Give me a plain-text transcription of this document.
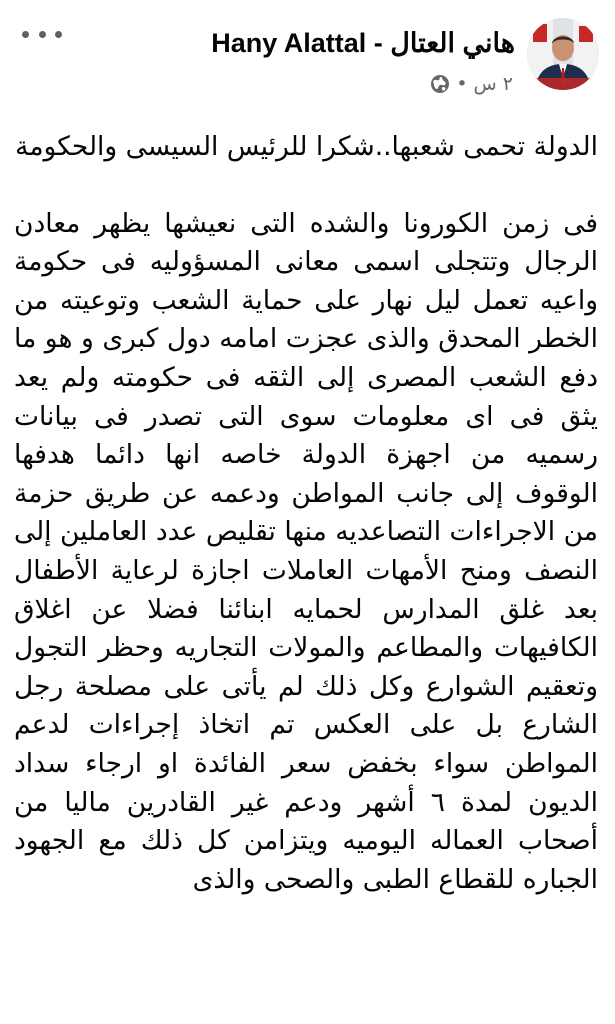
Hany Alattal - هاني العتال
٢ س
•

الدولة تحمى شعبها..شكرا للرئيس السيسى والحكومة

فى زمن الكورونا والشده التى نعيشها يظهر معادن الرجال وتتجلى اسمى معانى المسؤوليه فى حكومة واعيه تعمل ليل نهار على حماية الشعب وتوعيته من الخطر المحدق والذى عجزت امامه دول كبرى و هو ما دفع الشعب المصرى إلى الثقه فى حكومته ولم يعد يثق فى اى معلومات سوى التى تصدر فى بيانات رسميه من اجهزة الدولة خاصه انها دائما هدفها الوقوف إلى جانب المواطن ودعمه عن طريق حزمة من الاجراءات التصاعديه منها تقليص عدد العاملين إلى النصف ومنح الأمهات العاملات اجازة لرعاية الأطفال بعد غلق المدارس لحمايه ابنائنا فضلا عن اغلاق الكافيهات والمطاعم والمولات التجاريه وحظر التجول وتعقيم الشوارع وكل ذلك لم يأتى على مصلحة رجل الشارع بل على العكس تم اتخاذ إجراءات لدعم المواطن سواء بخفض سعر الفائدة او ارجاء سداد الديون لمدة ٦ أشهر ودعم غير القادرين ماليا من أصحاب العماله اليوميه ويتزامن كل ذلك مع الجهود الجباره للقطاع الطبى والصحى والذى
